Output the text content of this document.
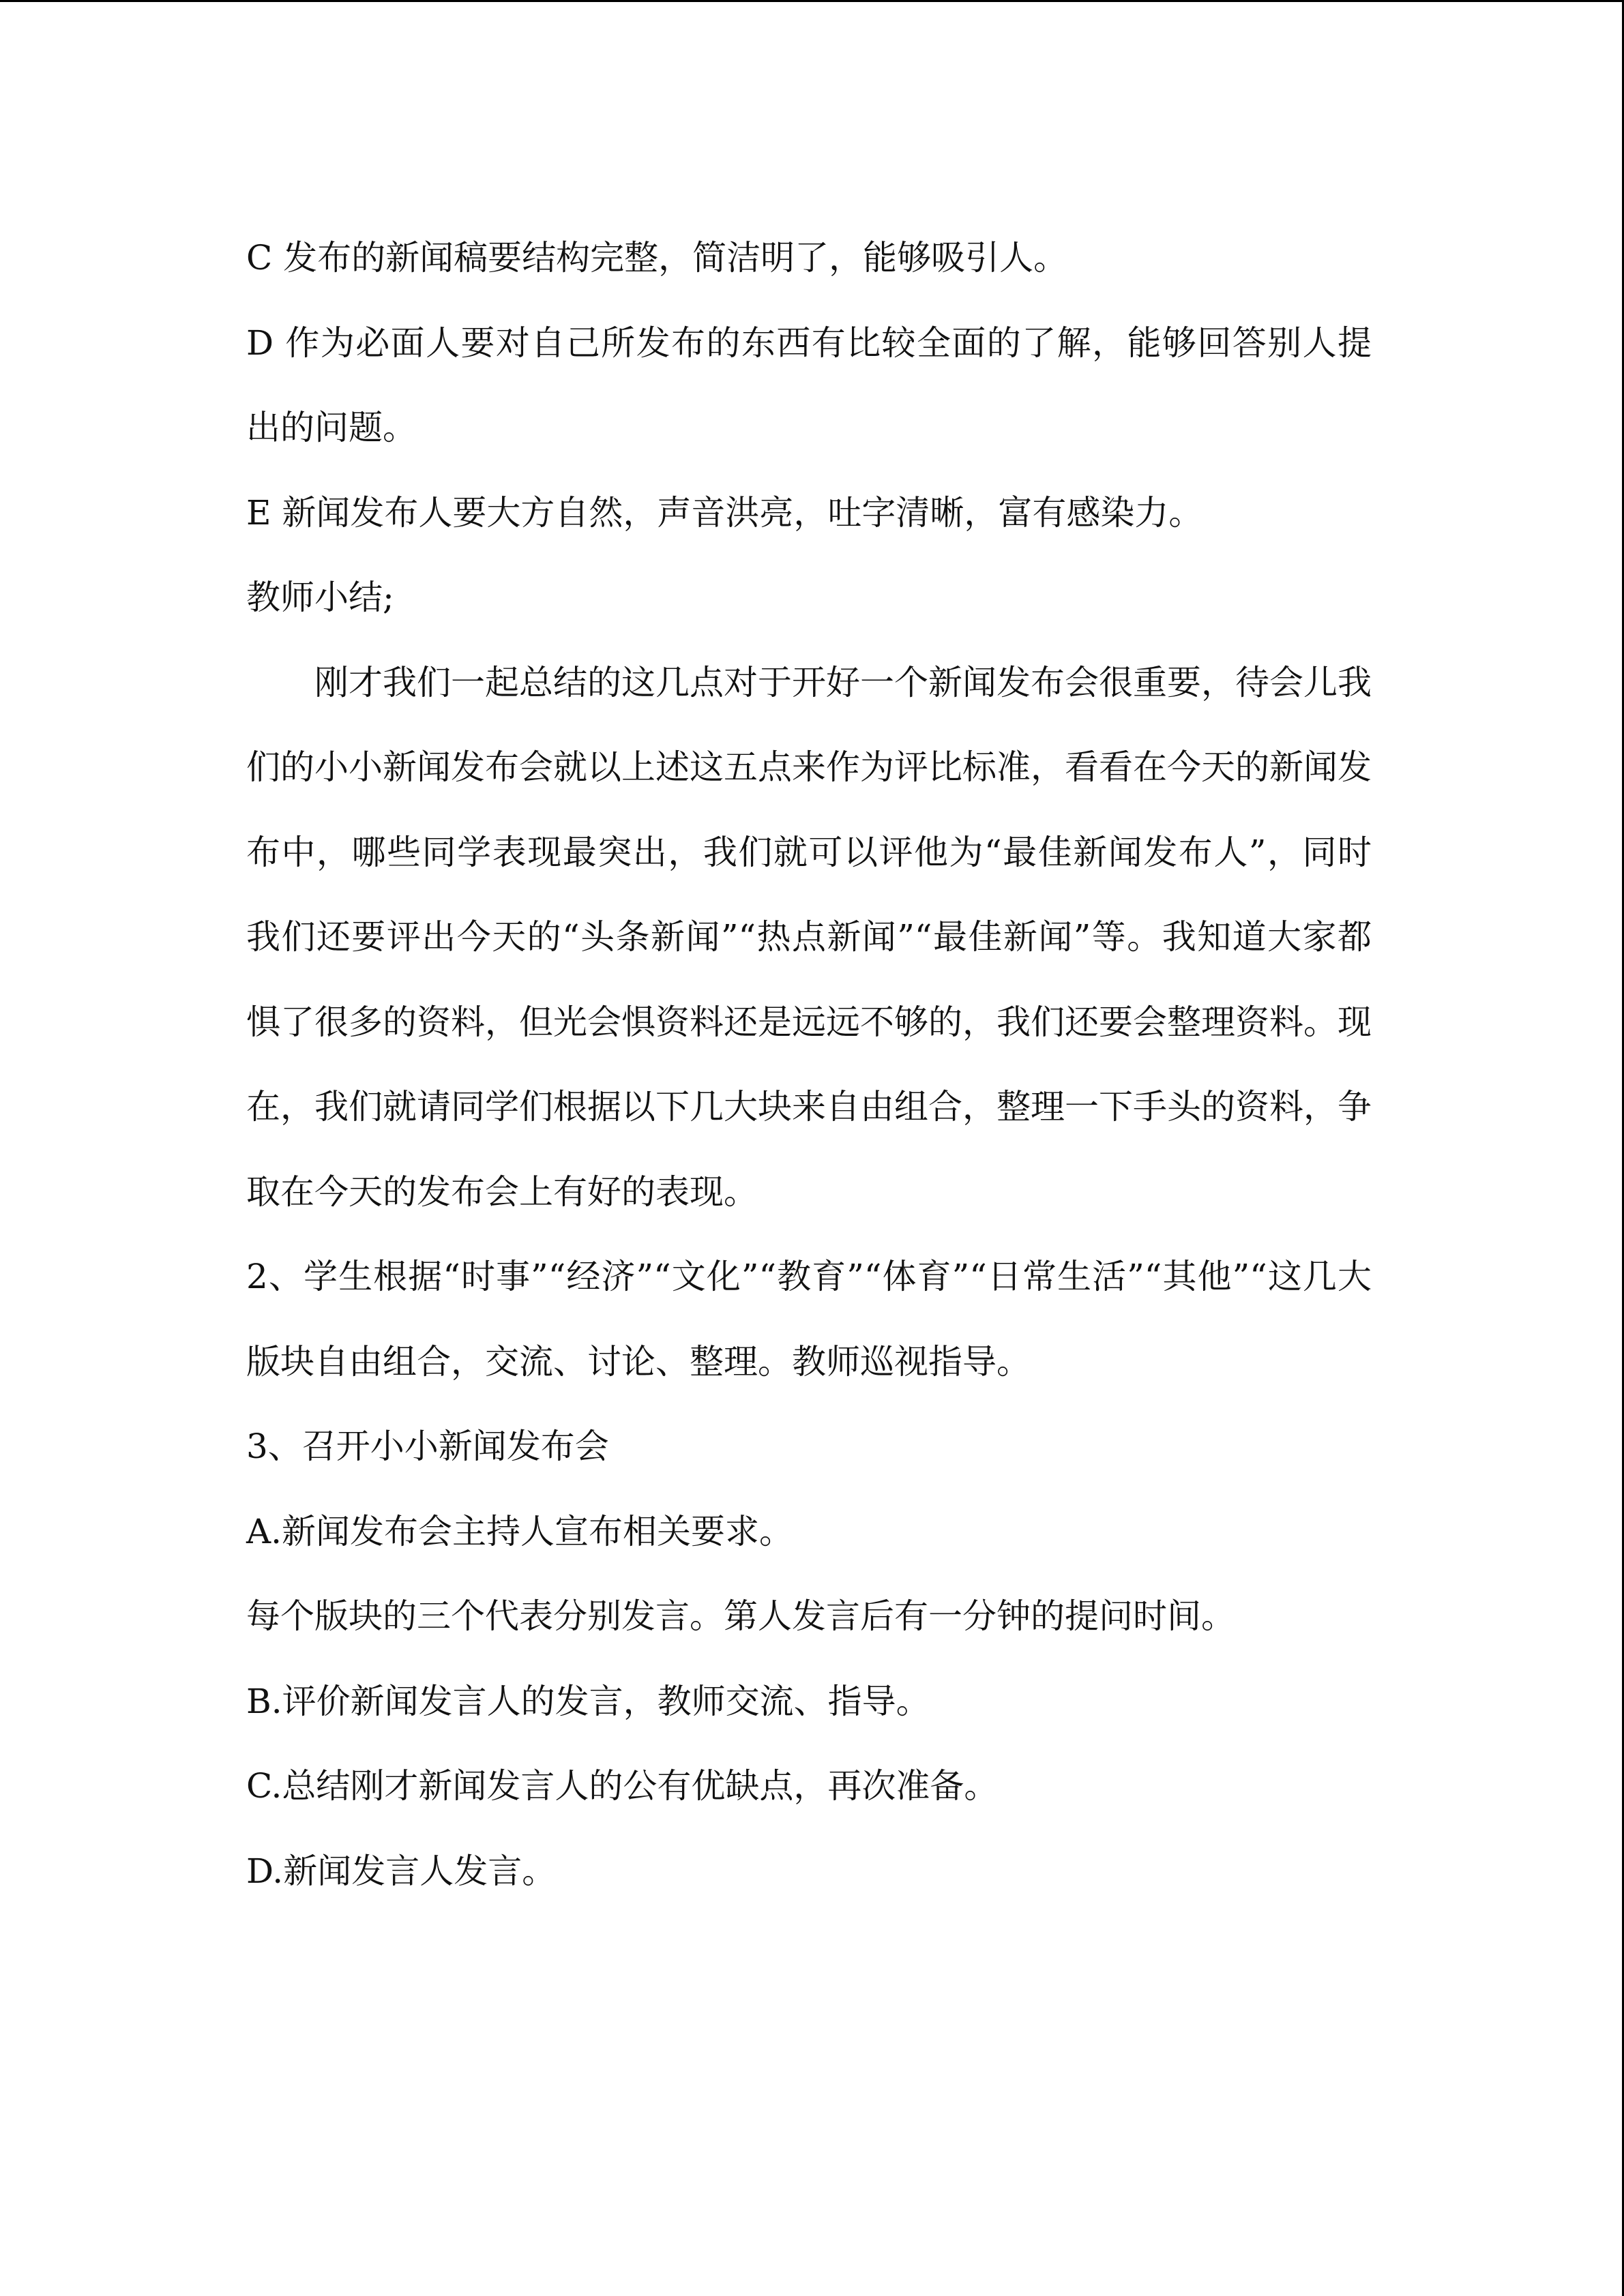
C 发布的新闻稿要结构完整，简洁明了，能够吸引人。

D 作为必面人要对自己所发布的东西有比较全面的了解，能够回答别人提出的问题。

E 新闻发布人要大方自然，声音洪亮，吐字清晰，富有感染力。

教师小结;

刚才我们一起总结的这几点对于开好一个新闻发布会很重要，待会儿我们的小小新闻发布会就以上述这五点来作为评比标准，看看在今天的新闻发布中，哪些同学表现最突出，我们就可以评他为“最佳新闻发布人”，同时我们还要评出今天的“头条新闻”“热点新闻”“最佳新闻”等。我知道大家都惧了很多的资料，但光会惧资料还是远远不够的，我们还要会整理资料。现在，我们就请同学们根据以下几大块来自由组合，整理一下手头的资料，争取在今天的发布会上有好的表现。

2、学生根据“时事”“经济”“文化”“教育”“体育”“日常生活”“其他”“这几大版块自由组合，交流、讨论、整理。教师巡视指导。

3、召开小小新闻发布会

A.新闻发布会主持人宣布相关要求。

每个版块的三个代表分别发言。第人发言后有一分钟的提问时间。

B.评价新闻发言人的发言，教师交流、指导。

C.总结刚才新闻发言人的公有优缺点，再次准备。

D.新闻发言人发言。
